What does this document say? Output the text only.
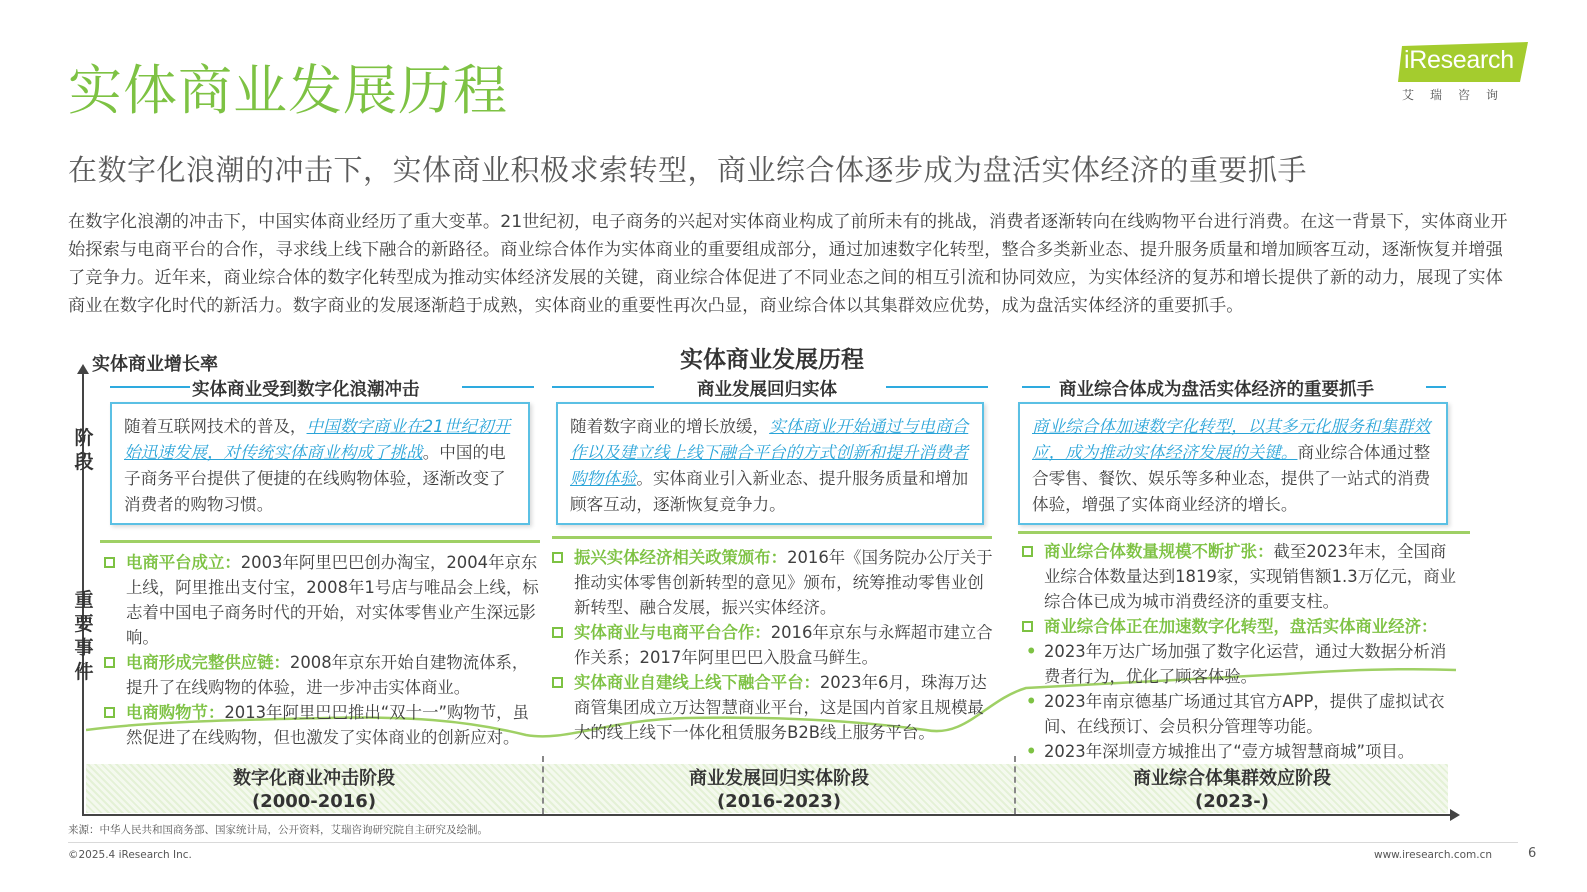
实体商业发展历程	iResearch
艾瑞咨询
在数字化浪潮的冲击下，实体商业积极求索转型，商业综合体逐步成为盘活实体经济的重要抓手
在数字化浪潮的冲击下，中国实体商业经历了重大变革。21世纪初，电子商务的兴起对实体商业构成了前所未有的挑战，消费者逐渐转向在线购物平台进行消费。在这一背景下，实体商业开始探索与电商平台的合作，寻求线上线下融合的新路径。商业综合体作为实体商业的重要组成部分，通过加速数字化转型，整合多类新业态、提升服务质量和增加顾客互动，逐渐恢复并增强了竞争力。近年来，商业综合体的数字化转型成为推动实体经济发展的关键，商业综合体促进了不同业态之间的相互引流和协同效应，为实体经济的复苏和增长提供了新的动力，展现了实体商业在数字化时代的新活力。数字商业的发展逐渐趋于成熟，实体商业的重要性再次凸显，商业综合体以其集群效应优势，成为盘活实体经济的重要抓手。
实体商业增长率	实体商业发展历程
阶段
重要事件
实体商业受到数字化浪潮冲击	商业发展回归实体	商业综合体成为盘活实体经济的重要抓手
随着互联网技术的普及，中国数字商业在21世纪初开始迅速发展，对传统实体商业构成了挑战。中国的电子商务平台提供了便捷的在线购物体验，逐渐改变了消费者的购物习惯。
随着数字商业的增长放缓，实体商业开始通过与电商合作以及建立线上线下融合平台的方式创新和提升消费者购物体验。实体商业引入新业态、提升服务质量和增加顾客互动，逐渐恢复竞争力。
商业综合体加速数字化转型，以其多元化服务和集群效应，成为推动实体经济发展的关键。商业综合体通过整合零售、餐饮、娱乐等多种业态，提供了一站式的消费体验，增强了实体商业经济的增长。
电商平台成立：2003年阿里巴巴创办淘宝，2004年京东上线，阿里推出支付宝，2008年1号店与唯品会上线，标志着中国电子商务时代的开始，对实体零售业产生深远影响。
电商形成完整供应链：2008年京东开始自建物流体系，提升了在线购物的体验，进一步冲击实体商业。
电商购物节：2013年阿里巴巴推出“双十一”购物节，虽然促进了在线购物，但也激发了实体商业的创新应对。
振兴实体经济相关政策颁布：2016年《国务院办公厅关于推动实体零售创新转型的意见》颁布，统筹推动零售业创新转型、融合发展，振兴实体经济。
实体商业与电商平台合作：2016年京东与永辉超市建立合作关系；2017年阿里巴巴入股盒马鲜生。
实体商业自建线上线下融合平台：2023年6月，珠海万达商管集团成立万达智慧商业平台，这是国内首家且规模最大的线上线下一体化租赁服务B2B线上服务平台。
商业综合体数量规模不断扩张：截至2023年末，全国商业综合体数量达到1819家，实现销售额1.3万亿元，商业综合体已成为城市消费经济的重要支柱。
商业综合体正在加速数字化转型，盘活实体商业经济：
• 2023年万达广场加强了数字化运营，通过大数据分析消费者行为，优化了顾客体验。
• 2023年南京德基广场通过其官方APP，提供了虚拟试衣间、在线预订、会员积分管理等功能。
• 2023年深圳壹方城推出了“壹方城智慧商城”项目。
数字化商业冲击阶段
(2000-2016)
商业发展回归实体阶段
(2016-2023)
商业综合体集群效应阶段
(2023-)
来源：中华人民共和国商务部、国家统计局，公开资料，艾瑞咨询研究院自主研究及绘制。
©2025.4 iResearch Inc.	www.iresearch.com.cn	6
